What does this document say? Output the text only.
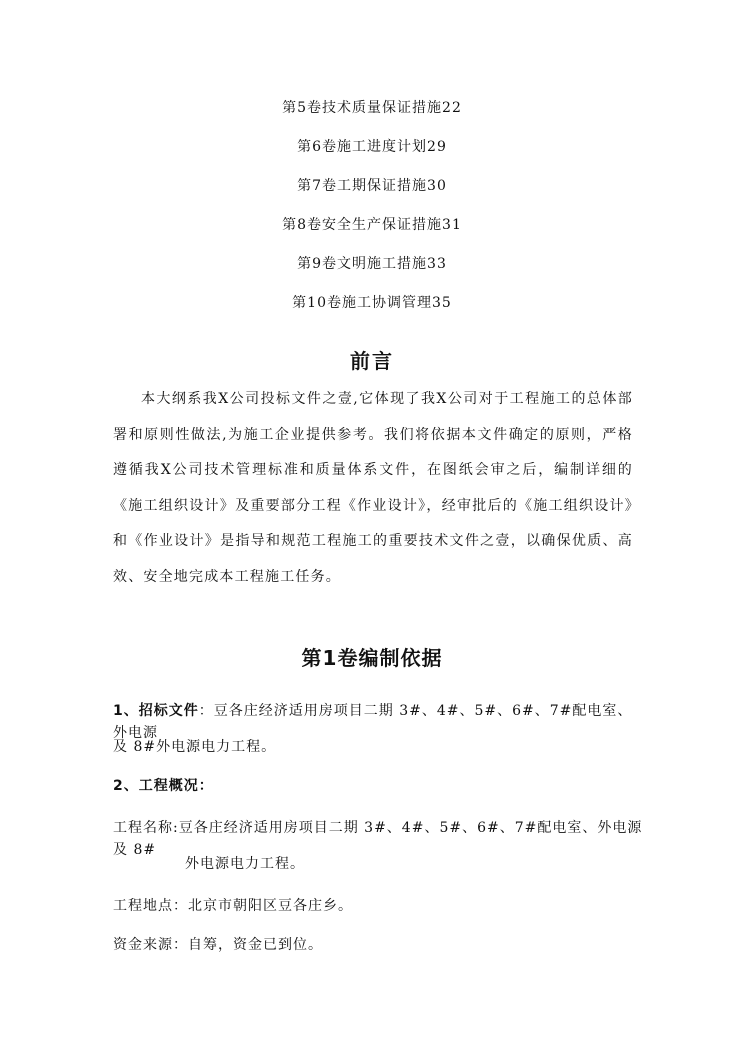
第5卷技术质量保证措施22
第6卷施工进度计划29
第7卷工期保证措施30
第8卷安全生产保证措施31
第9卷文明施工措施33
第10卷施工协调管理35
前言
本大纲系我X公司投标文件之壹,它体现了我X公司对于工程施工的总体部署和原则性做法,为施工企业提供参考。我们将依据本文件确定的原则，严格遵循我X公司技术管理标准和质量体系文件，在图纸会审之后，编制详细的《施工组织设计》及重要部分工程《作业设计》，经审批后的《施工组织设计》和《作业设计》是指导和规范工程施工的重要技术文件之壹，以确保优质、高效、安全地完成本工程施工任务。
第1卷编制依据
1、招标文件：豆各庄经济适用房项目二期 3#、4#、5#、6#、7#配电室、外电源
及 8#外电源电力工程。
2、工程概况：
工程名称:豆各庄经济适用房项目二期 3#、4#、5#、6#、7#配电室、外电源及 8#
外电源电力工程。
工程地点：北京市朝阳区豆各庄乡。
资金来源：自筹，资金已到位。
